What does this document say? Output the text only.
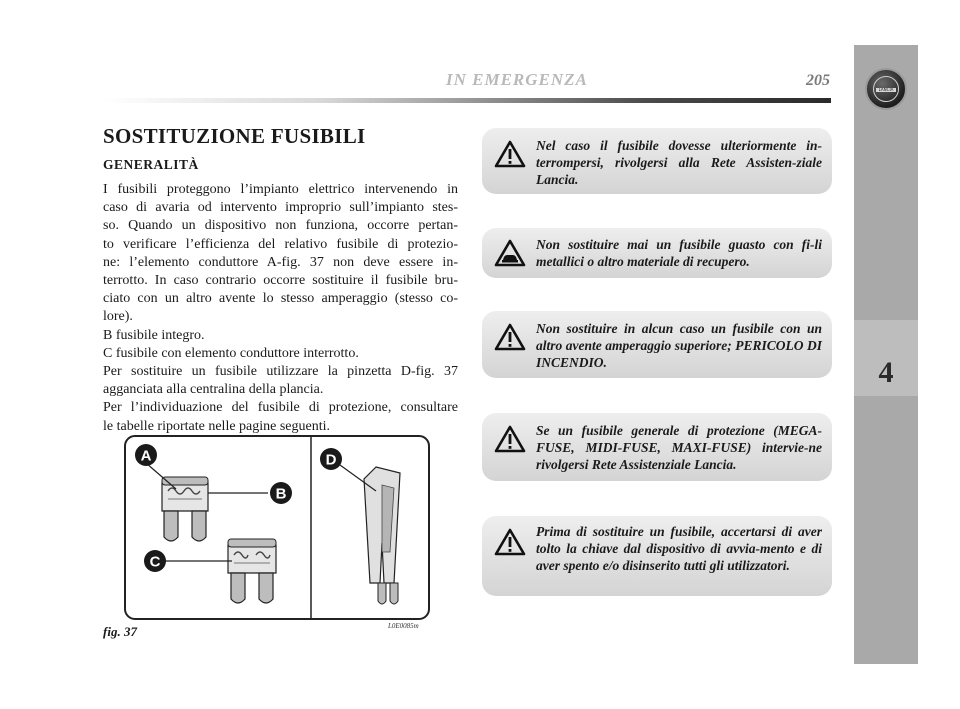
IN EMERGENZA	205
LANCIA
4
SOSTITUZIONE FUSIBILI
GENERALITÀ

I fusibili proteggono l’impianto elettrico intervenendo in

caso di avaria od intervento improprio sull’impianto stes-

so. Quando un dispositivo non funziona, occorre pertan-

to verificare l’efficienza del relativo fusibile di protezio-

ne: l’elemento conduttore A-fig. 37 non deve essere in-

terrotto. In caso contrario occorre sostituire il fusibile bru-

ciato con un altro avente lo stesso amperaggio (stesso co-

lore).

B fusibile integro.

C fusibile con elemento conduttore interrotto.

Per sostituire un fusibile utilizzare la pinzetta D-fig. 37

agganciata alla centralina della plancia.

Per l’individuazione del fusibile di protezione, consultare

le tabelle riportate nelle pagine seguenti.

A
B
C
D
fig. 37	L0E0085m
Nel caso il fusibile dovesse ulteriormente in-terrompersi, rivolgersi alla Rete Assisten-ziale Lancia.
Non sostituire mai un fusibile guasto con fi-li metallici o altro materiale di recupero.
Non sostituire in alcun caso un fusibile con un altro avente amperaggio superiore; PERICOLO DI INCENDIO.
Se un fusibile generale di protezione (MEGA-FUSE, MIDI-FUSE, MAXI-FUSE) intervie-ne rivolgersi Rete Assistenziale Lancia.
Prima di sostituire un fusibile, accertarsi di aver tolto la chiave dal dispositivo di avvia-mento e di aver spento e/o disinserito tutti gli utilizzatori.
